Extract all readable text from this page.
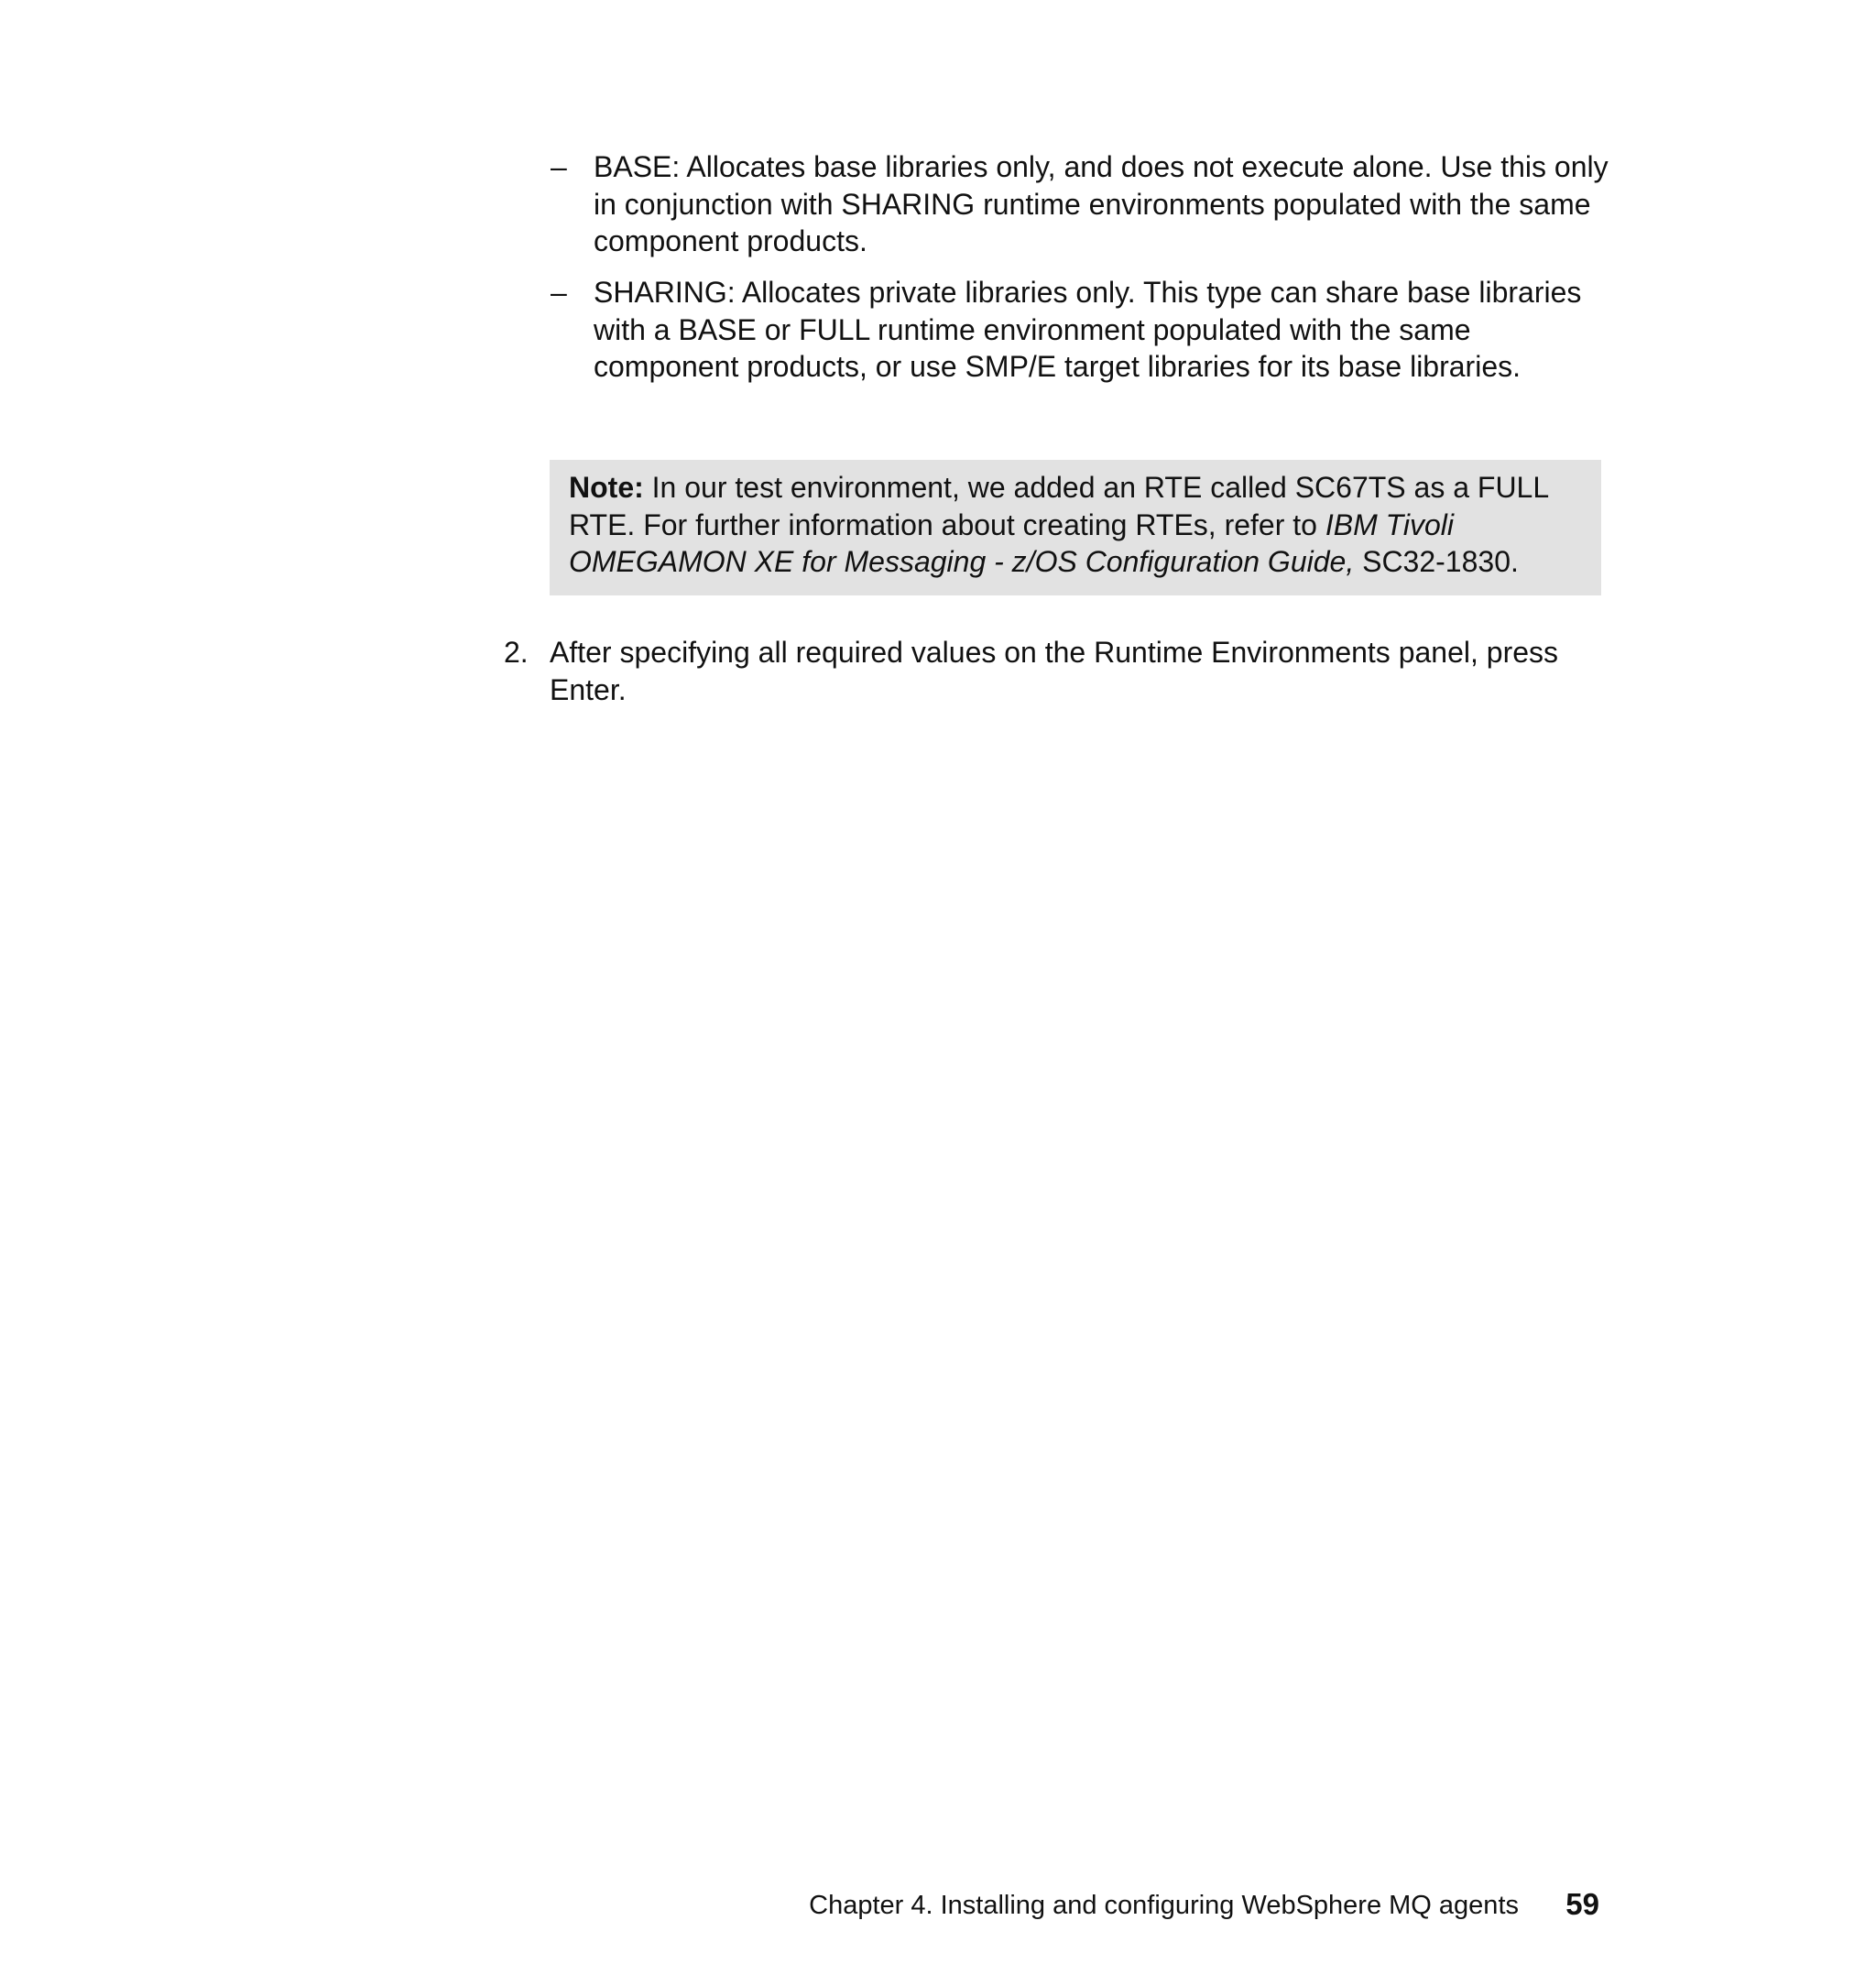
– BASE: Allocates base libraries only, and does not execute alone. Use this only in conjunction with SHARING runtime environments populated with the same component products.
– SHARING: Allocates private libraries only. This type can share base libraries with a BASE or FULL runtime environment populated with the same component products, or use SMP/E target libraries for its base libraries.
Note: In our test environment, we added an RTE called SC67TS as a FULL RTE. For further information about creating RTEs, refer to IBM Tivoli OMEGAMON XE for Messaging - z/OS Configuration Guide, SC32-1830.
2. After specifying all required values on the Runtime Environments panel, press Enter.
Chapter 4. Installing and configuring WebSphere MQ agents 59
